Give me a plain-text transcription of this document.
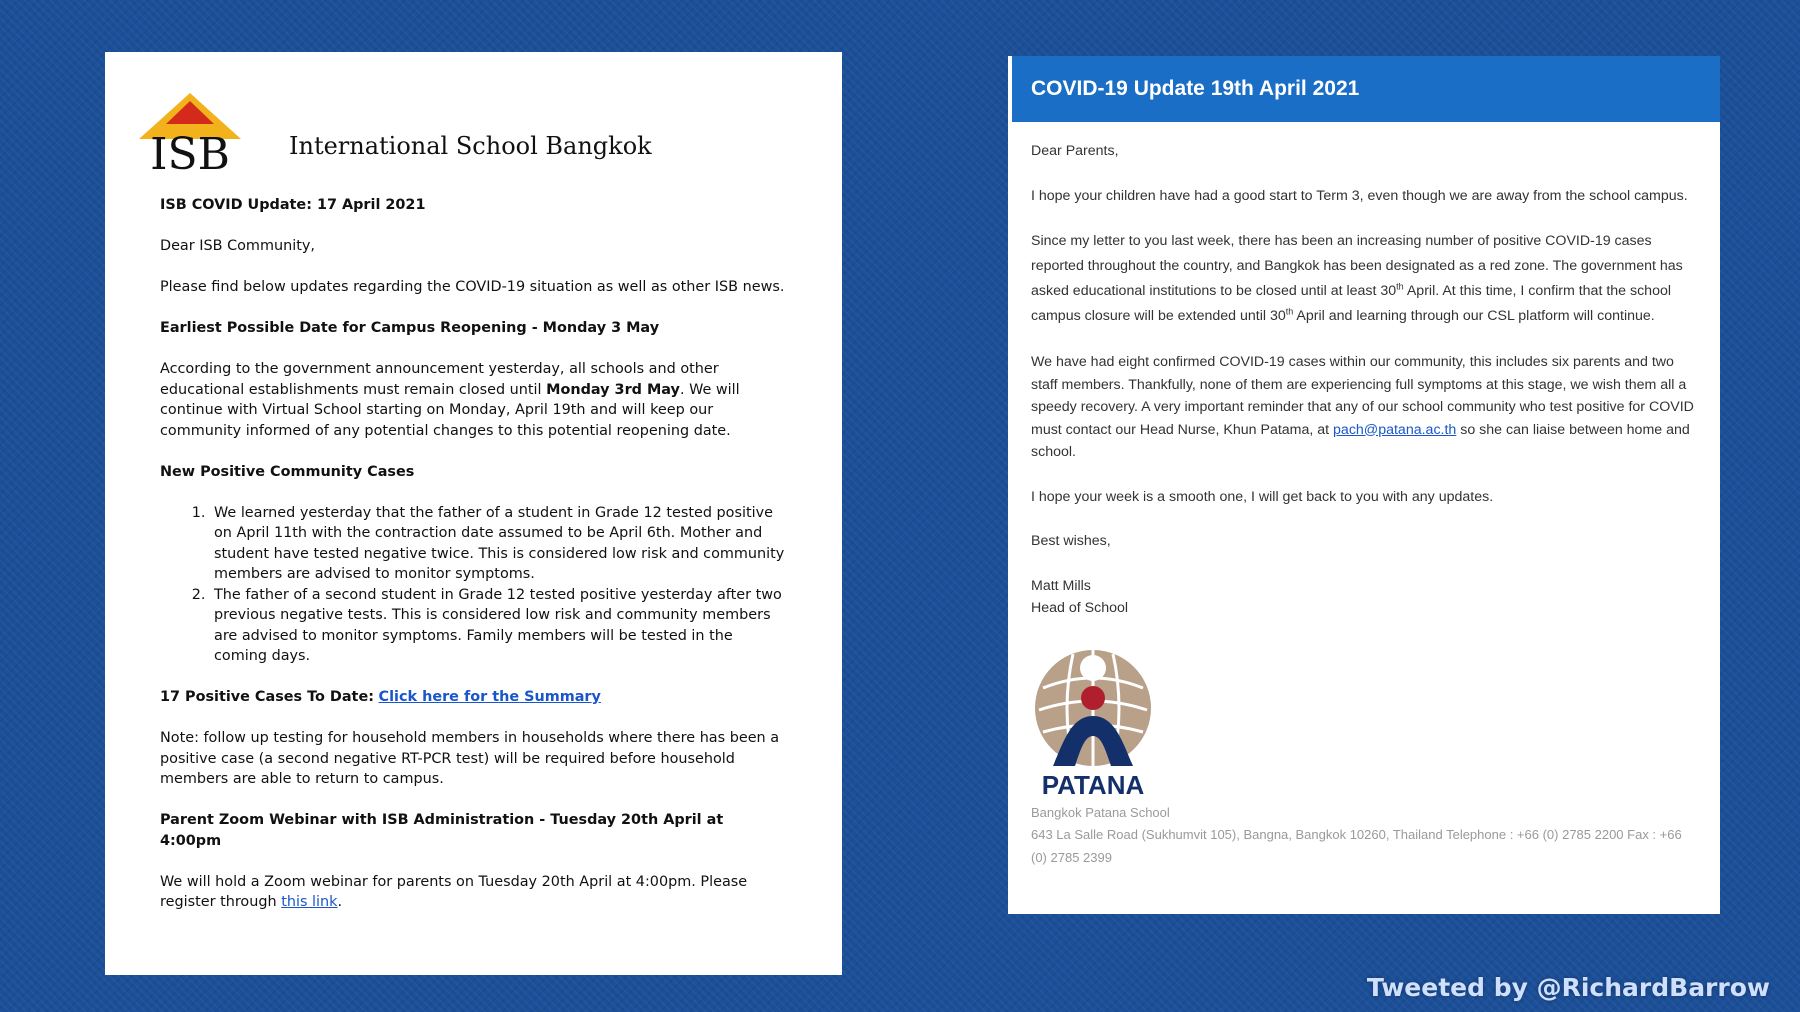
ISB International School Bangkok

ISB COVID Update: 17 April 2021

Dear ISB Community,

Please find below updates regarding the COVID-19 situation as well as other ISB news.

Earliest Possible Date for Campus Reopening - Monday 3 May

According to the government announcement yesterday, all schools and other educational establishments must remain closed until Monday 3rd May. We will continue with Virtual School starting on Monday, April 19th and will keep our community informed of any potential changes to this potential reopening date.

New Positive Community Cases

1. We learned yesterday that the father of a student in Grade 12 tested positive on April 11th with the contraction date assumed to be April 6th. Mother and student have tested negative twice. This is considered low risk and community members are advised to monitor symptoms.
2. The father of a second student in Grade 12 tested positive yesterday after two previous negative tests. This is considered low risk and community members are advised to monitor symptoms. Family members will be tested in the coming days.

17 Positive Cases To Date: Click here for the Summary

Note: follow up testing for household members in households where there has been a positive case (a second negative RT-PCR test) will be required before household members are able to return to campus.

Parent Zoom Webinar with ISB Administration - Tuesday 20th April at 4:00pm

We will hold a Zoom webinar for parents on Tuesday 20th April at 4:00pm. Please register through this link.

COVID-19 Update 19th April 2021

Dear Parents,

I hope your children have had a good start to Term 3, even though we are away from the school campus.

Since my letter to you last week, there has been an increasing number of positive COVID-19 cases reported throughout the country, and Bangkok has been designated as a red zone. The government has asked educational institutions to be closed until at least 30th April. At this time, I confirm that the school campus closure will be extended until 30th April and learning through our CSL platform will continue.

We have had eight confirmed COVID-19 cases within our community, this includes six parents and two staff members. Thankfully, none of them are experiencing full symptoms at this stage, we wish them all a speedy recovery. A very important reminder that any of our school community who test positive for COVID must contact our Head Nurse, Khun Patama, at pach@patana.ac.th so she can liaise between home and school.

I hope your week is a smooth one, I will get back to you with any updates.

Best wishes,

Matt Mills

Head of School

PATANA

Bangkok Patana School

643 La Salle Road (Sukhumvit 105), Bangna, Bangkok 10260, Thailand Telephone : +66 (0) 2785 2200 Fax : +66 (0) 2785 2399

Tweeted by @RichardBarrow
